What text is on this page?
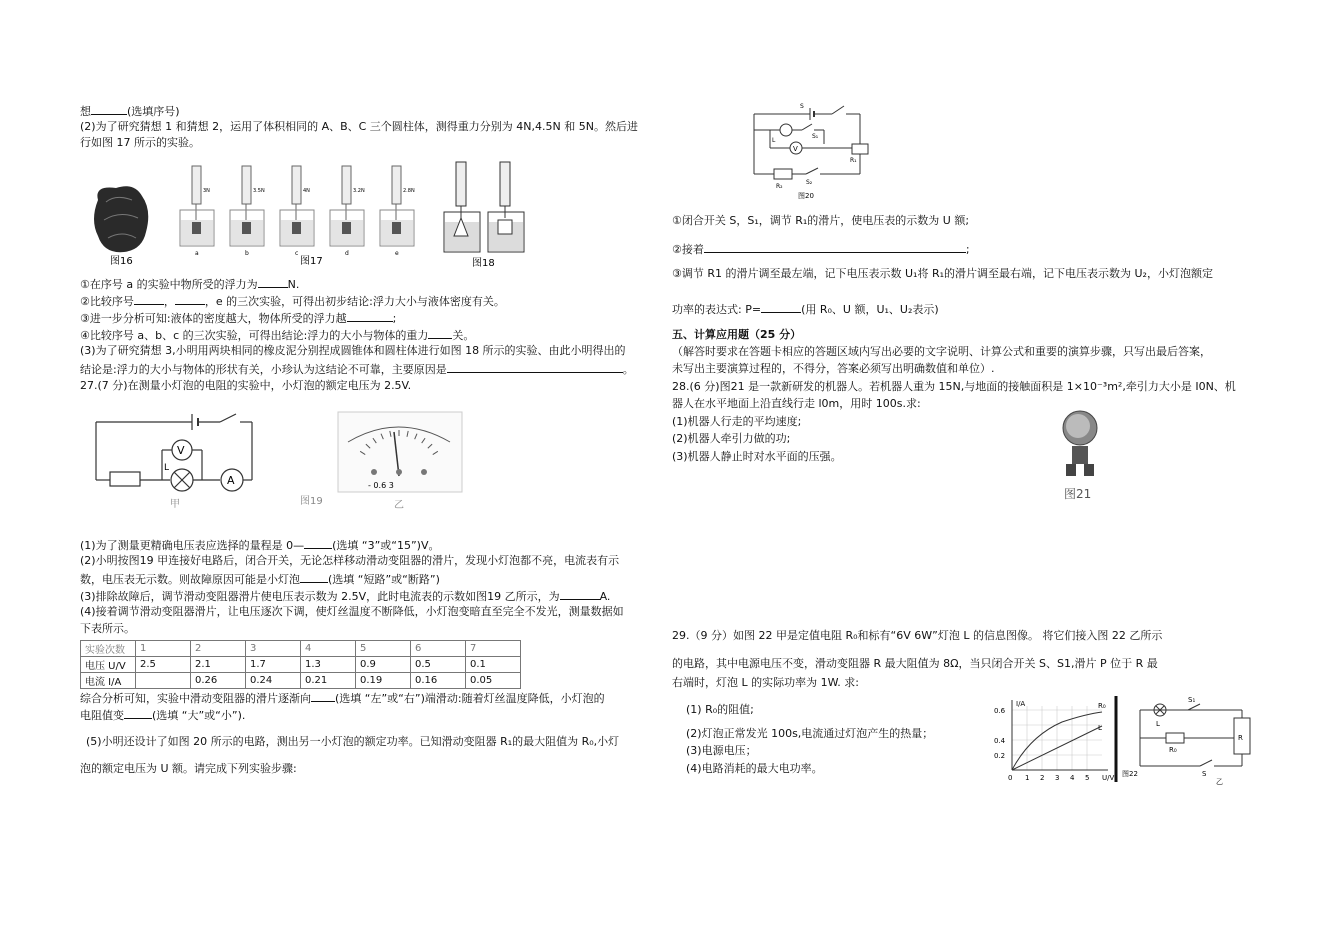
想	(选填序号)
(2)为了研究猜想 1 和猜想 2，运用了体积相同的 A、B、C 三个圆柱体，测得重力分别为 4N,4.5N 和 5N。然后进
行如图 17 所示的实验。
图16
3N
a
3.5N
b
4N
c
3.2N
d
2.8N
e
图17	图18
①在序号 a 的实验中物所受的浮力为	N.
②比较序号	，	，e 的三次实验，可得出初步结论:浮力大小与液体密度有关。
③进一步分析可知:液体的密度越大，物体所受的浮力越	;
④比较序号 a、b、c 的三次实验，可得出结论:浮力的大小与物体的重力 关。
(3)为了研究猜想 3,小明用两块相同的橡皮泥分别捏成圆锥体和圆柱体进行如图 18 所示的实验、由此小明得出的
结论是:浮力的大小与物体的形状有关，小珍认为这结论不可靠，主要原因是	。
27.(7 分)在测量小灯泡的电阻的实验中，小灯泡的额定电压为 2.5V.
V
A
L
甲
- 0.6 3
图19	乙
(1)为了测量更精确电压表应选择的量程是 0—	(选填 “3”或“15”)V。
(2)小明按图19 甲连接好电路后，闭合开关，无论怎样移动滑动变阻器的滑片，发现小灯泡都不亮，电流表有示
数，电压表无示数。则故障原因可能是小灯泡	(选填 “短路”或“断路”)
(3)排除故障后，调节滑动变阻器滑片使电压表示数为 2.5V，此时电流表的示数如图19 乙所示，为	A.
(4)接着调节滑动变阻器滑片，让电压逐次下调，使灯丝温度不断降低，小灯泡变暗直至完全不发光，测量数据如
下表所示。
实验次数	1	2	3	4	5	6	7
电压 U/V	2.5	2.1	1.7	1.3	0.9	0.5	0.1
电流 I/A		0.26	0.24	0.21	0.19	0.16	0.05
综合分析可知，实验中滑动变阻器的滑片逐渐向 (选填 “左”或“右”)端滑动:随着灯丝温度降低，小灯泡的
电阻值变	(选填 “大”或“小”).
(5)小明还设计了如图 20 所示的电路，测出另一小灯泡的额定功率。已知滑动变阻器 R₁的最大阻值为 R₀,小灯
泡的额定电压为 U 额。请完成下列实验步骤:
V
S
S₁
L
R₁
R₂
S₂
图20
①闭合开关 S，S₁，调节 R₁的滑片，使电压表的示数为 U 额;
②接着	;
③调节 R1 的滑片调至最左端，记下电压表示数 U₁将 R₁的滑片调至最右端，记下电压表示数为 U₂，小灯泡额定
功率的表达式: P=	(用 R₀、U 额，U₁、U₂表示)
五、计算应用题（25 分）
（解答时要求在答题卡相应的答题区域内写出必要的文字说明、计算公式和重要的演算步骤，只写出最后答案，
未写出主要演算过程的，不得分，答案必须写出明确数值和单位）.
28.(6 分)图21 是一款新研发的机器人。若机器人重为 15N,与地面的接触面积是 1×10⁻³m²,牵引力大小是 I0N、机
器人在水平地面上沿直线行走 l0m，用时 100s.求:
(1)机器人行走的平均速度;
(2)机器人牵引力做的功;
(3)机器人静止时对水平面的压强。
图21
29.（9 分）如图 22 甲是定值电阻 R₀和标有“6V 6W”灯泡 L 的信息图像。 将它们接入图 22 乙所示
的电路，其中电源电压不变，滑动变阻器 R 最大阻值为 8Ω，当只闭合开关 S、S1,滑片 P 位于 R 最
右端时，灯泡 L 的实际功率为 1W. 求:
(1) R₀的阻值;
(2)灯泡正常发光 100s,电流通过灯泡产生的热量；
(3)电源电压；
(4)电路消耗的最大电功率。
I/A
U/V
0.6
0.4
0.2
0 1 2 3 4 5
R₀
L
S₁
L
R₀
R
S
乙
图22
